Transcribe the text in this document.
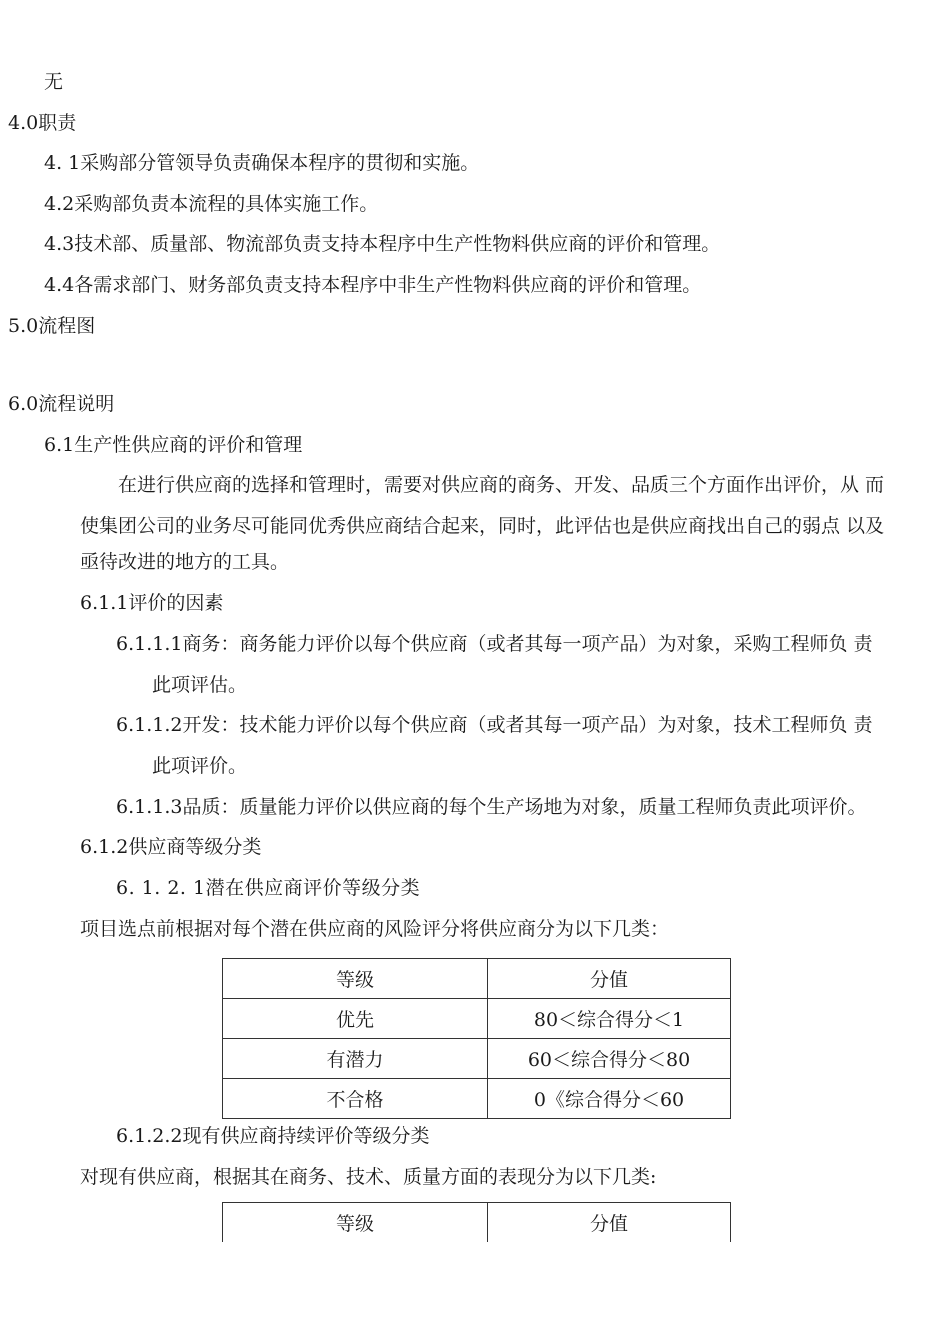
无
4.0职责
4. 1采购部分管领导负责确保本程序的贯彻和实施。
4.2采购部负责本流程的具体实施工作。
4.3技术部、质量部、物流部负责支持本程序中生产性物料供应商的评价和管理。
4.4各需求部门、财务部负责支持本程序中非生产性物料供应商的评价和管理。
5.0流程图
6.0流程说明
6.1生产性供应商的评价和管理
在进行供应商的选择和管理时，需要对供应商的商务、开发、品质三个方面作出评价，从 而
使集团公司的业务尽可能同优秀供应商结合起来，同时，此评估也是供应商找出自己的弱点 以及
亟待改进的地方的工具。
6.1.1评价的因素
6.1.1.1商务：商务能力评价以每个供应商（或者其每一项产品）为对象，采购工程师负 责
此项评估。
6.1.1.2开发：技术能力评价以每个供应商（或者其每一项产品）为对象，技术工程师负 责
此项评价。
6.1.1.3品质：质量能力评价以供应商的每个生产场地为对象，质量工程师负责此项评价。
6.1.2供应商等级分类
6. 1. 2. 1潜在供应商评价等级分类
项目选点前根据对每个潜在供应商的风险评分将供应商分为以下几类：
等级	分值
优先	80＜综合得分＜1
有潜力	60＜综合得分＜80
不合格	0《综合得分＜60
6.1.2.2现有供应商持续评价等级分类
对现有供应商，根据其在商务、技术、质量方面的表现分为以下几类:
等级	分值
